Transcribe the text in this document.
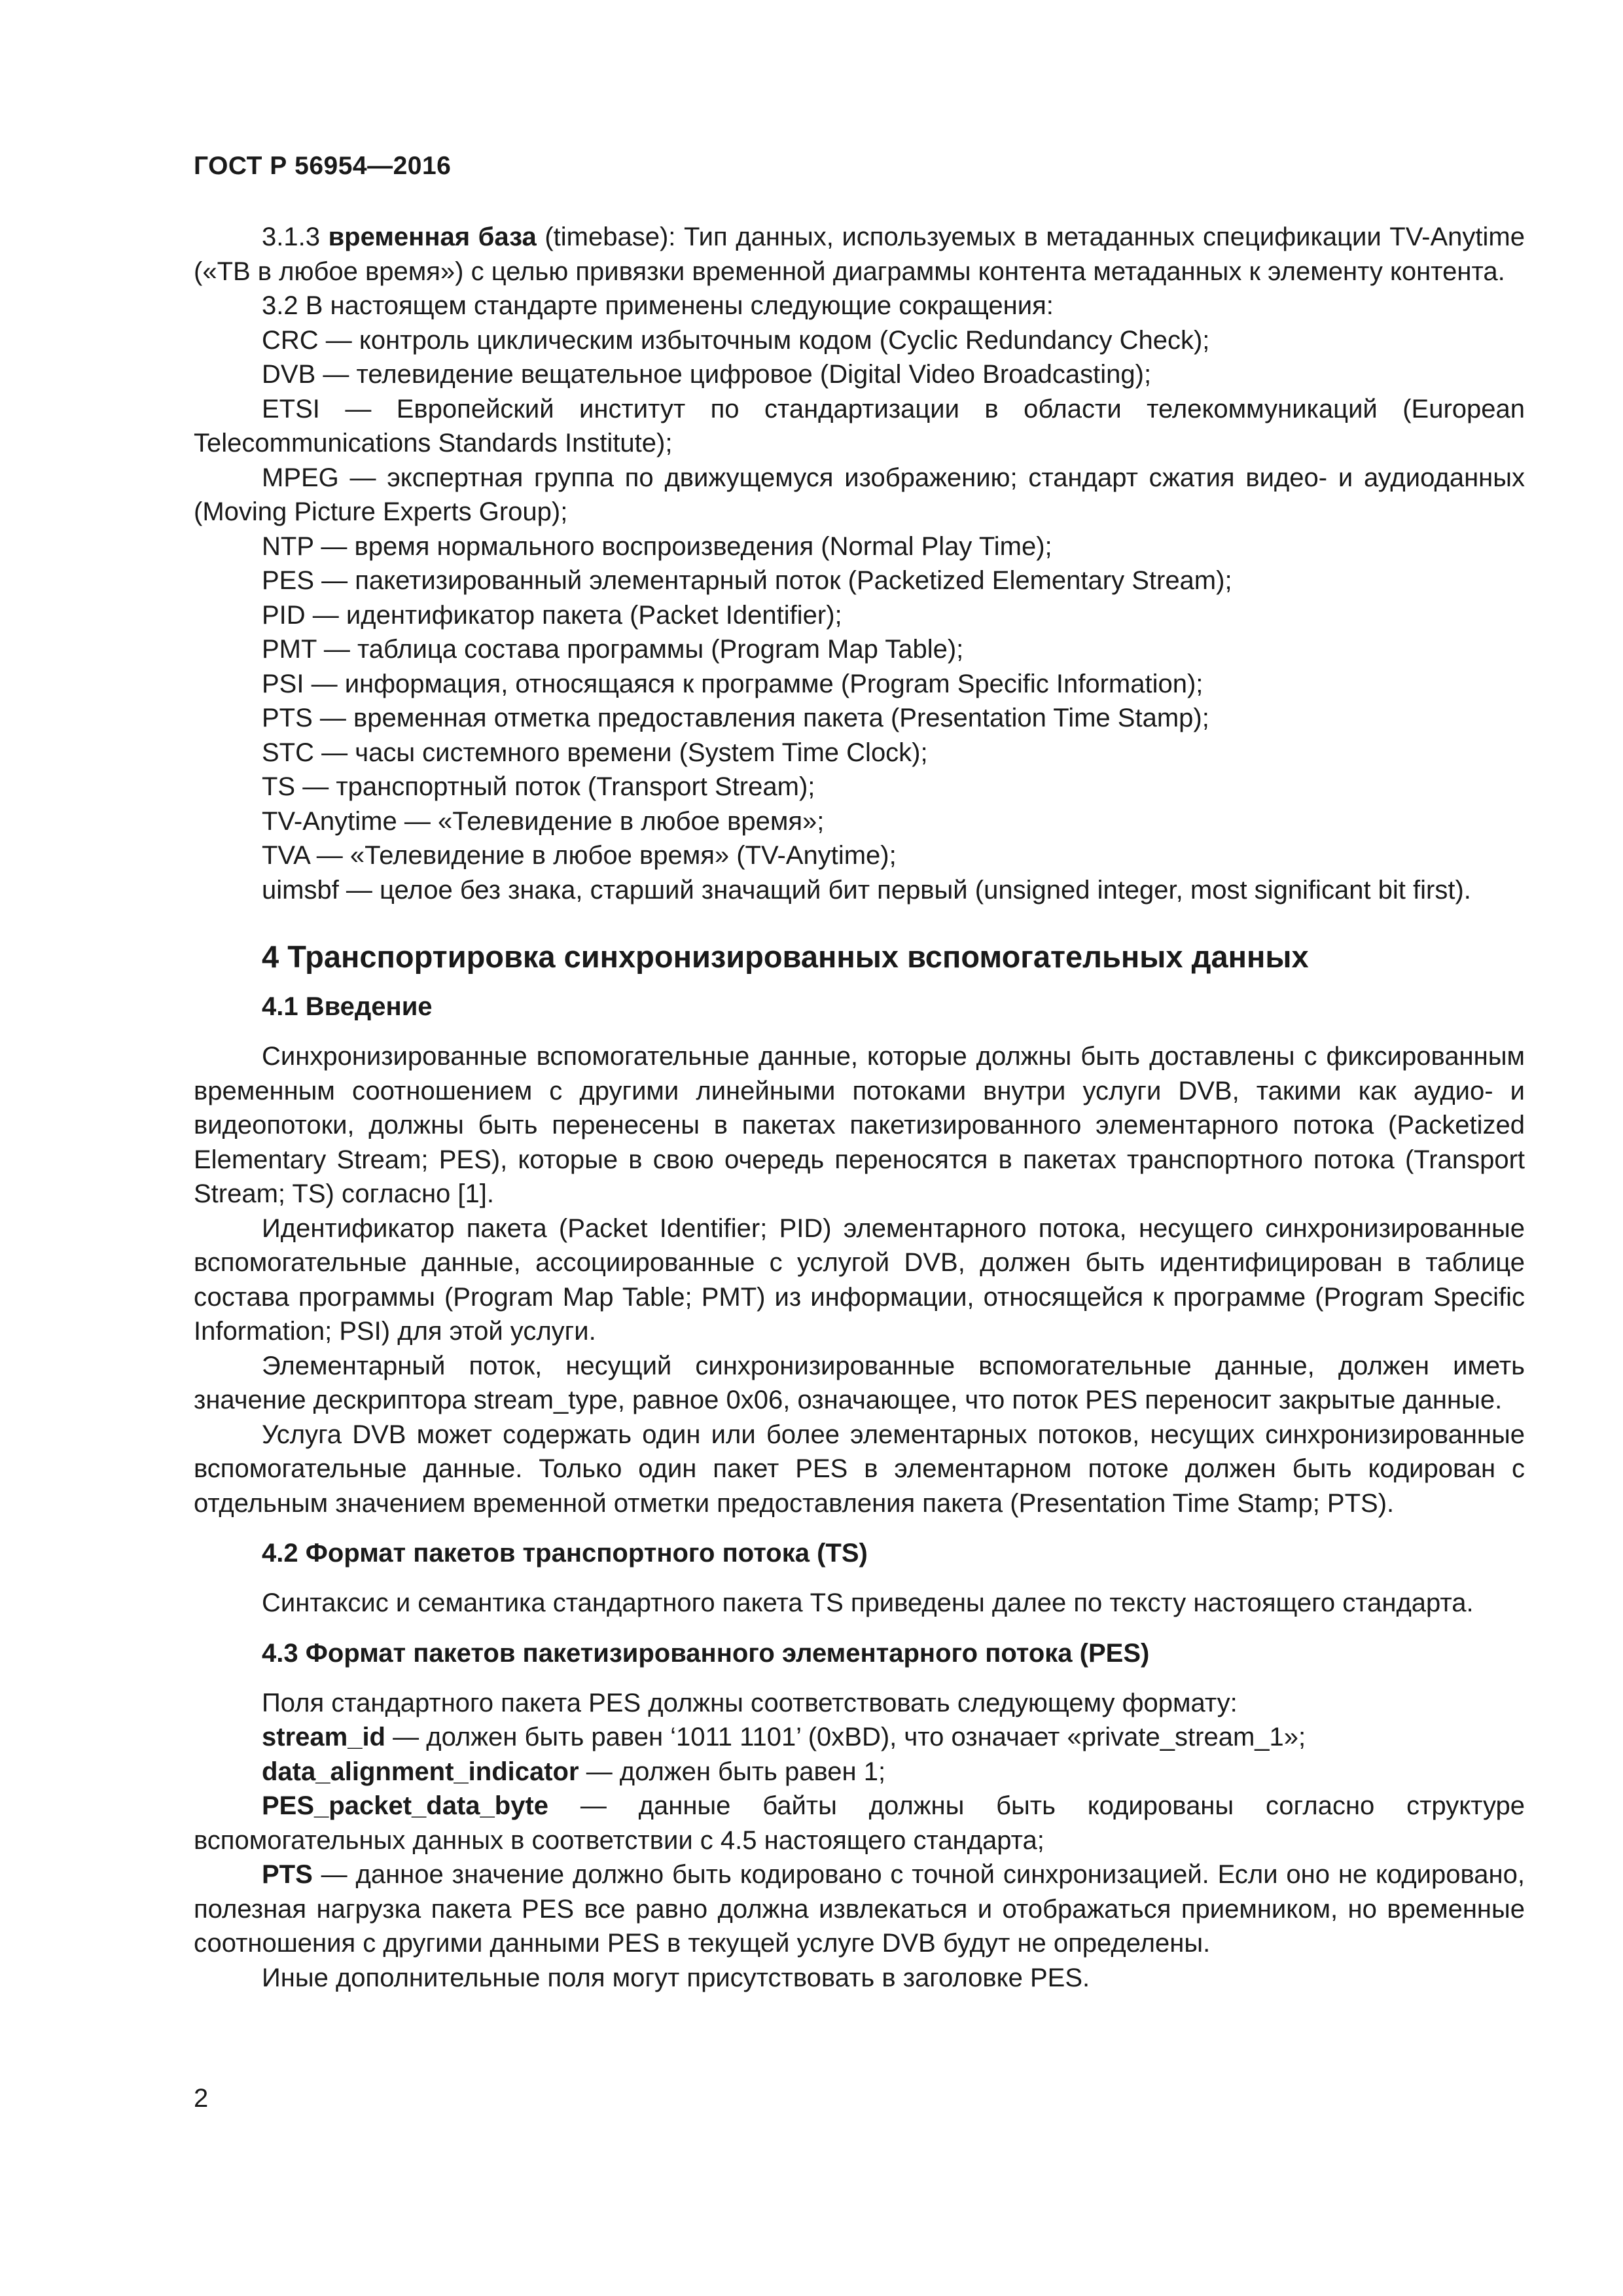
ГОСТ Р 56954—2016

3.1.3 временная база (timebase): Тип данных, используемых в метаданных спецификации TV-Anytime («ТВ в любое время») с целью привязки временной диаграммы контента метаданных к элементу контента.

3.2 В настоящем стандарте применены следующие сокращения:

CRC — контроль циклическим избыточным кодом (Cyclic Redundancy Check);

DVB — телевидение вещательное цифровое (Digital Video Broadcasting);

ETSI — Европейский институт по стандартизации в области телекоммуникаций (European Telecommunications Standards Institute);

MPEG — экспертная группа по движущемуся изображению; стандарт сжатия видео- и аудиоданных (Moving Picture Experts Group);

NTP — время нормального воспроизведения (Normal Play Time);

PES — пакетизированный элементарный поток (Packetized Elementary Stream);

PID — идентификатор пакета (Packet Identifier);

PMT — таблица состава программы (Program Map Table);

PSI — информация, относящаяся к программе (Program Specific Information);

PTS — временная отметка предоставления пакета (Presentation Time Stamp);

STC — часы системного времени (System Time Clock);

TS — транспортный поток (Transport Stream);

TV-Anytime — «Телевидение в любое время»;

TVA — «Телевидение в любое время» (TV-Anytime);

uimsbf — целое без знака, старший значащий бит первый (unsigned integer, most significant bit first).

4 Транспортировка синхронизированных вспомогательных данных
4.1 Введение

Синхронизированные вспомогательные данные, которые должны быть доставлены с фиксированным временным соотношением с другими линейными потоками внутри услуги DVB, такими как аудио- и видеопотоки, должны быть перенесены в пакетах пакетизированного элементарного потока (Packetized Elementary Stream; PES), которые в свою очередь переносятся в пакетах транспортного потока (Transport Stream; TS) согласно [1].

Идентификатор пакета (Packet Identifier; PID) элементарного потока, несущего синхронизированные вспомогательные данные, ассоциированные с услугой DVB, должен быть идентифицирован в таблице состава программы (Program Map Table; PMT) из информации, относящейся к программе (Program Specific Information; PSI) для этой услуги.

Элементарный поток, несущий синхронизированные вспомогательные данные, должен иметь значение дескриптора stream_type, равное 0x06, означающее, что поток PES переносит закрытые данные.

Услуга DVB может содержать один или более элементарных потоков, несущих синхронизированные вспомогательные данные. Только один пакет PES в элементарном потоке должен быть кодирован с отдельным значением временной отметки предоставления пакета (Presentation Time Stamp; PTS).

4.2 Формат пакетов транспортного потока (TS)

Синтаксис и семантика стандартного пакета TS приведены далее по тексту настоящего стандарта.

4.3 Формат пакетов пакетизированного элементарного потока (PES)

Поля стандартного пакета PES должны соответствовать следующему формату:

stream_id — должен быть равен ‘1011 1101’ (0xBD), что означает «private_stream_1»;

data_alignment_indicator — должен быть равен 1;

PES_packet_data_byte — данные байты должны быть кодированы согласно структуре вспомогательных данных в соответствии с 4.5 настоящего стандарта;

PTS — данное значение должно быть кодировано с точной синхронизацией. Если оно не кодировано, полезная нагрузка пакета PES все равно должна извлекаться и отображаться приемником, но временные соотношения с другими данными PES в текущей услуге DVB будут не определены.

Иные дополнительные поля могут присутствовать в заголовке PES.

2
